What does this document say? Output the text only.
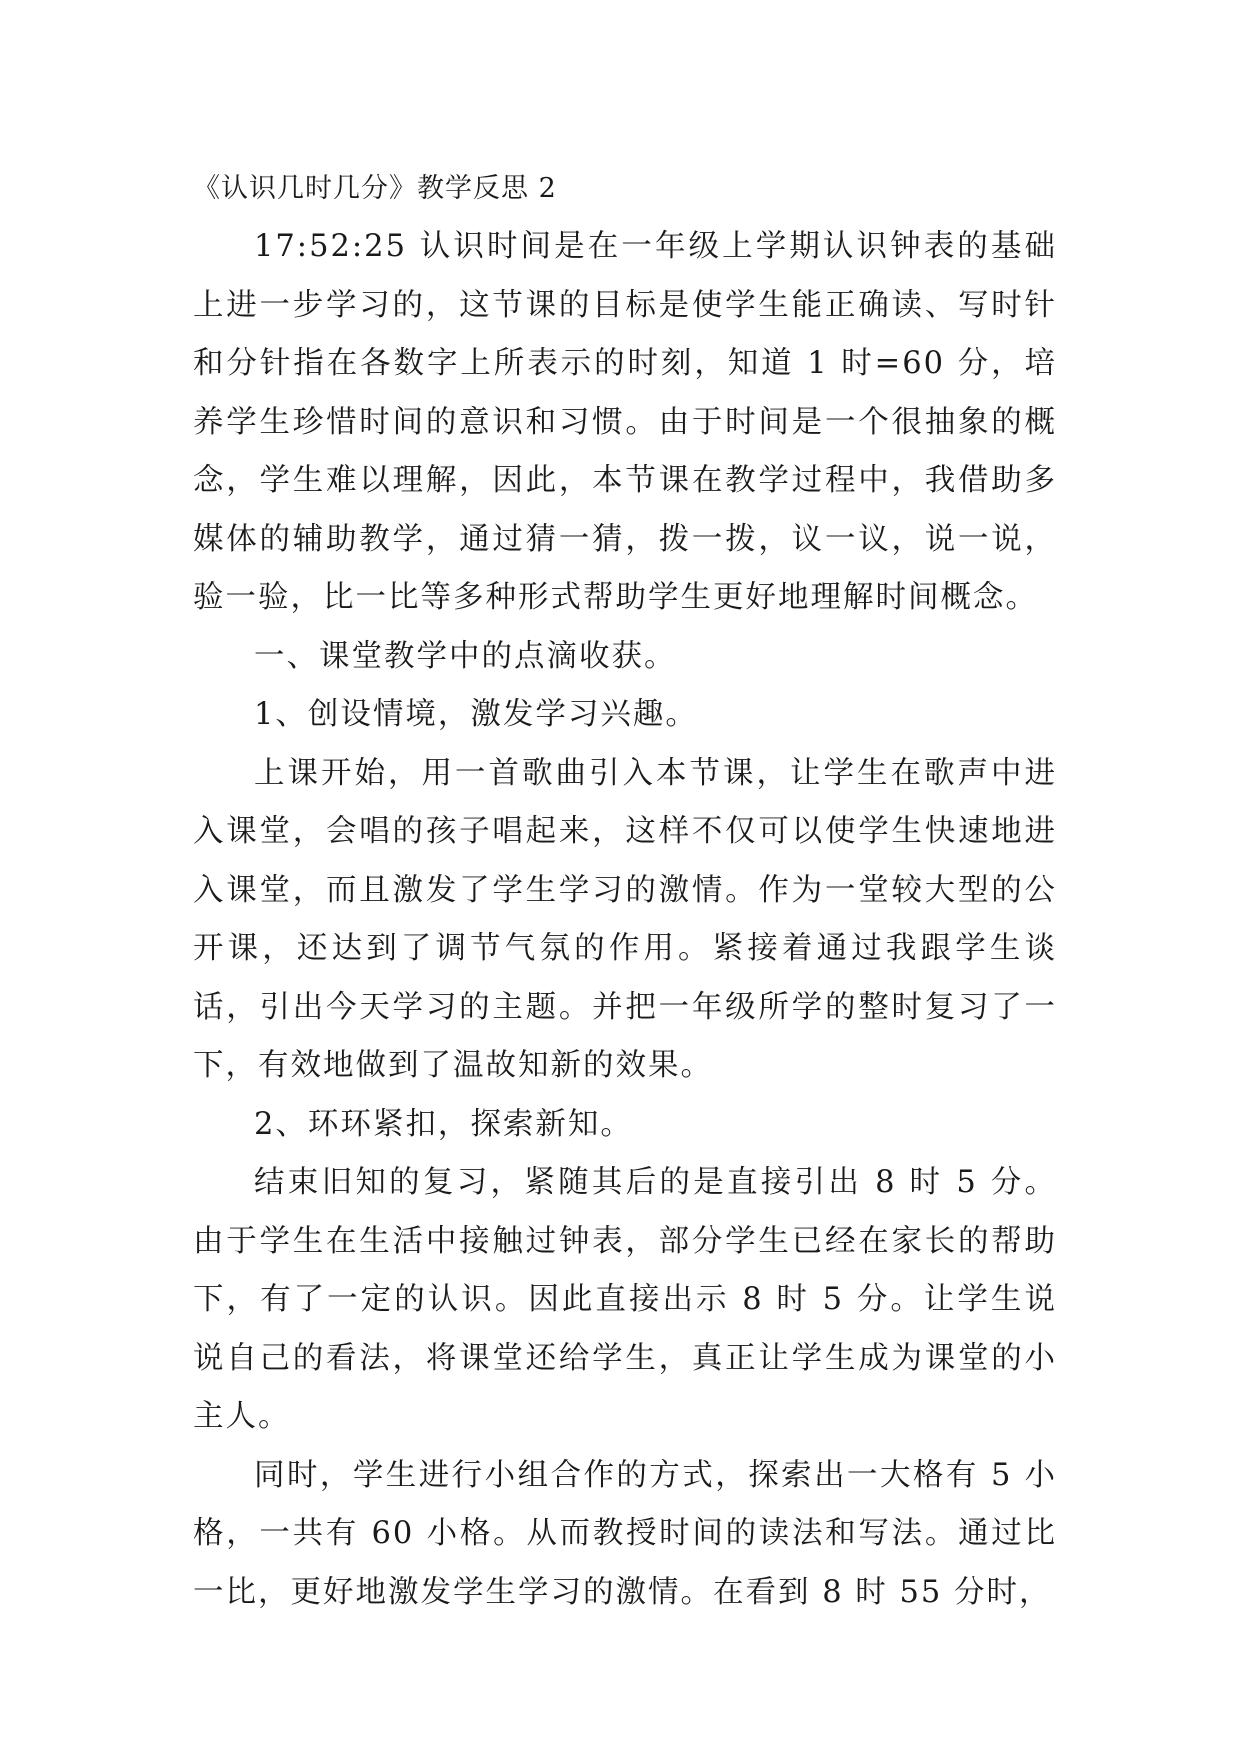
《认识几时几分》教学反思 2

17:52:25 认识时间是在一年级上学期认识钟表的基础上进一步学习的，这节课的目标是使学生能正确读、写时针和分针指在各数字上所表示的时刻，知道 1 时=60 分，培养学生珍惜时间的意识和习惯。由于时间是一个很抽象的概念，学生难以理解，因此，本节课在教学过程中，我借助多媒体的辅助教学，通过猜一猜，拨一拨，议一议，说一说，验一验，比一比等多种形式帮助学生更好地理解时间概念。

一、课堂教学中的点滴收获。

1、创设情境，激发学习兴趣。

上课开始，用一首歌曲引入本节课，让学生在歌声中进入课堂，会唱的孩子唱起来，这样不仅可以使学生快速地进入课堂，而且激发了学生学习的激情。作为一堂较大型的公开课，还达到了调节气氛的作用。紧接着通过我跟学生谈话，引出今天学习的主题。并把一年级所学的整时复习了一下，有效地做到了温故知新的效果。

2、环环紧扣，探索新知。

结束旧知的复习，紧随其后的是直接引出 8 时 5 分。由于学生在生活中接触过钟表，部分学生已经在家长的帮助下，有了一定的认识。因此直接出示 8 时 5 分。让学生说说自己的看法，将课堂还给学生，真正让学生成为课堂的小主人。

同时，学生进行小组合作的方式，探索出一大格有 5 小格，一共有 60 小格。从而教授时间的读法和写法。通过比一比，更好地激发学生学习的激情。在看到 8 时 55 分时，
